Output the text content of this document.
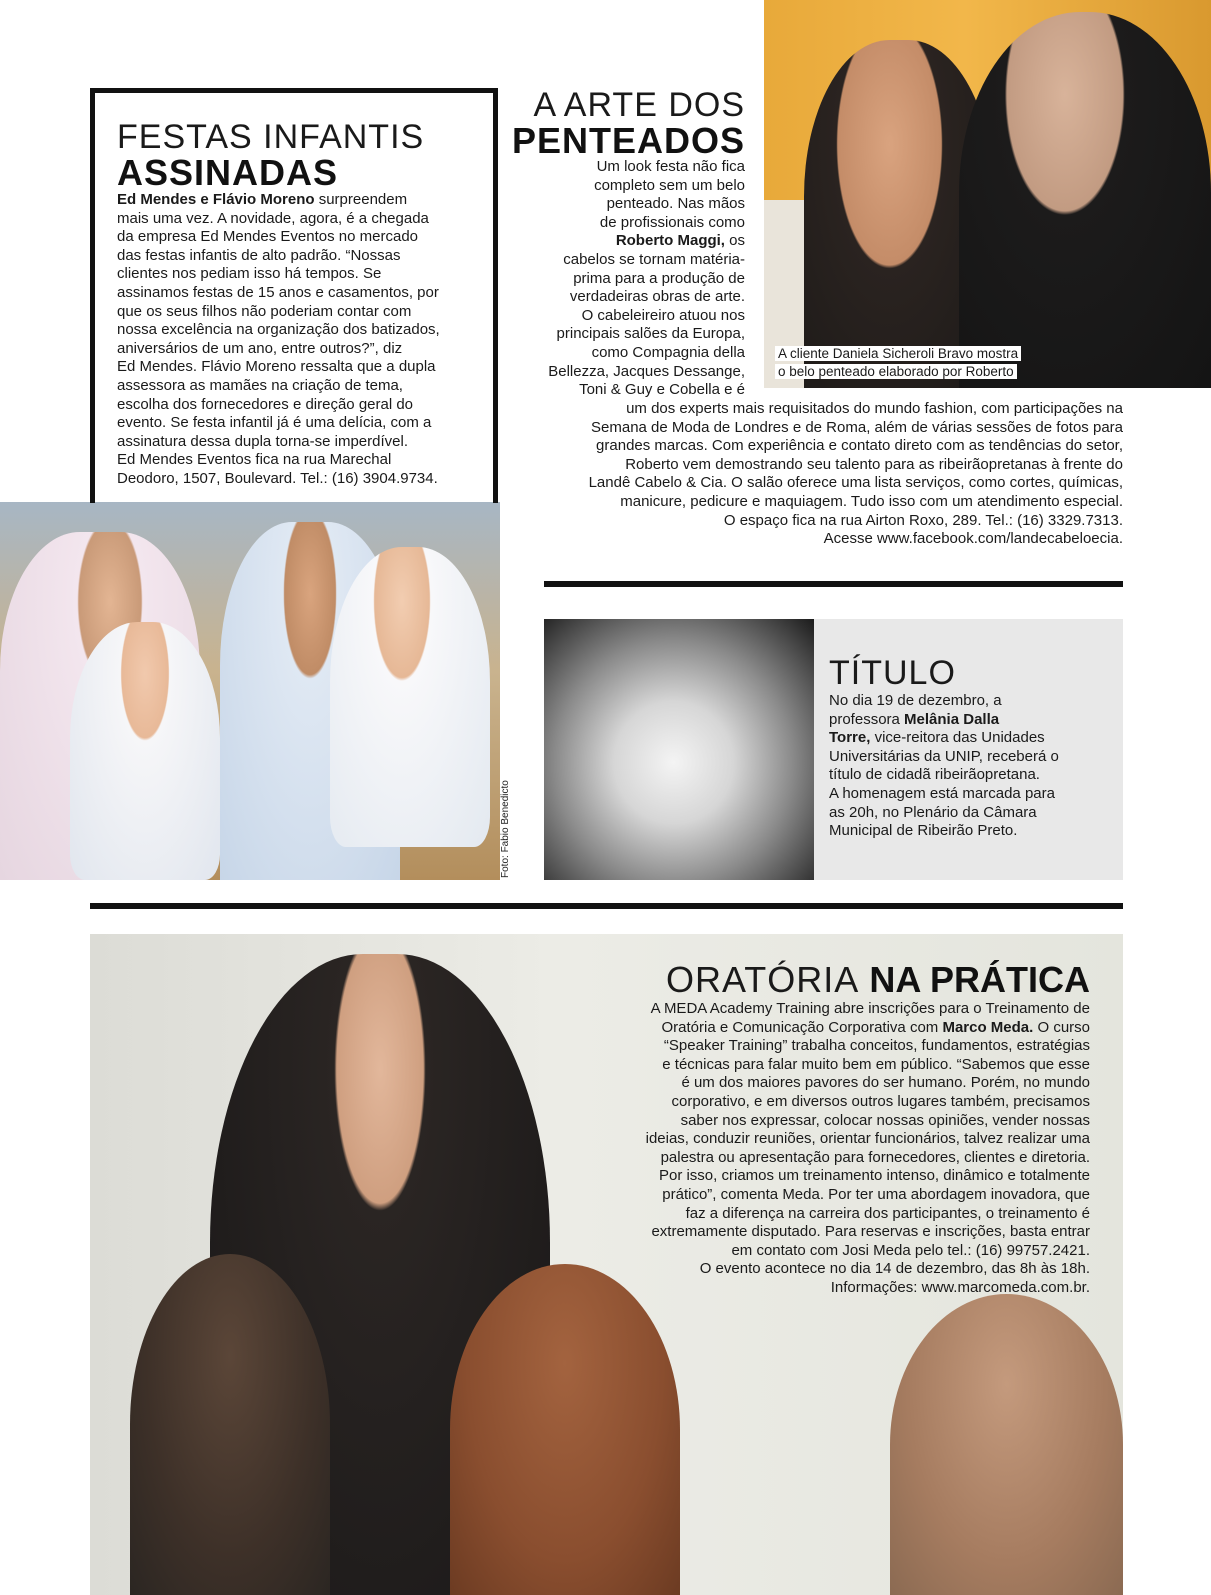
FESTAS INFANTIS
ASSINADAS

Ed Mendes e Flávio Moreno surpreendem

mais uma vez. A novidade, agora, é a chegada

da empresa Ed Mendes Eventos no mercado

das festas infantis de alto padrão. “Nossas

clientes nos pediam isso há tempos. Se

assinamos festas de 15 anos e casamentos, por

que os seus filhos não poderiam contar com

nossa excelência na organização dos batizados,

aniversários de um ano, entre outros?”, diz

Ed Mendes. Flávio Moreno ressalta que a dupla

assessora as mamães na criação de tema,

escolha dos fornecedores e direção geral do

evento. Se festa infantil já é uma delícia, com a

assinatura dessa dupla torna-se imperdível.

Ed Mendes Eventos fica na rua Marechal

Deodoro, 1507, Boulevard. Tel.: (16) 3904.9734.

Foto: Fabio Benedicto
A ARTE DOS
PENTEADOS

Um look festa não fica

completo sem um belo

penteado. Nas mãos

de profissionais como

Roberto Maggi, os

cabelos se tornam matéria-

prima para a produção de

verdadeiras obras de arte.

O cabeleireiro atuou nos

principais salões da Europa,

como Compagnia della

Bellezza, Jacques Dessange,

Toni & Guy e Cobella e é

um dos experts mais requisitados do mundo fashion, com participações na

Semana de Moda de Londres e de Roma, além de várias sessões de fotos para

grandes marcas. Com experiência e contato direto com as tendências do setor,

Roberto vem demostrando seu talento para as ribeirãopretanas à frente do

Landê Cabelo & Cia. O salão oferece uma lista serviços, como cortes, químicas,

manicure, pedicure e maquiagem. Tudo isso com um atendimento especial.

O espaço fica na rua Airton Roxo, 289. Tel.: (16) 3329.7313.

Acesse www.facebook.com/landecabeloecia.

A cliente Daniela Sicheroli Bravo mostra

o belo penteado elaborado por Roberto

TÍTULO

No dia 19 de dezembro, a

professora Melânia Dalla

Torre, vice-reitora das Unidades

Universitárias da UNIP, receberá o

título de cidadã ribeirãopretana.

A homenagem está marcada para

as 20h, no Plenário da Câmara

Municipal de Ribeirão Preto.

ORATÓRIA NA PRÁTICA

A MEDA Academy Training abre inscrições para o Treinamento de

Oratória e Comunicação Corporativa com Marco Meda. O curso

“Speaker Training” trabalha conceitos, fundamentos, estratégias

e técnicas para falar muito bem em público. “Sabemos que esse

é um dos maiores pavores do ser humano. Porém, no mundo

corporativo, e em diversos outros lugares também, precisamos

saber nos expressar, colocar nossas opiniões, vender nossas

ideias, conduzir reuniões, orientar funcionários, talvez realizar uma

palestra ou apresentação para fornecedores, clientes e diretoria.

Por isso, criamos um treinamento intenso, dinâmico e totalmente

prático”, comenta Meda. Por ter uma abordagem inovadora, que

faz a diferença na carreira dos participantes, o treinamento é

extremamente disputado. Para reservas e inscrições, basta entrar

em contato com Josi Meda pelo tel.: (16) 99757.2421.

O evento acontece no dia 14 de dezembro, das 8h às 18h.

Informações: www.marcomeda.com.br.
